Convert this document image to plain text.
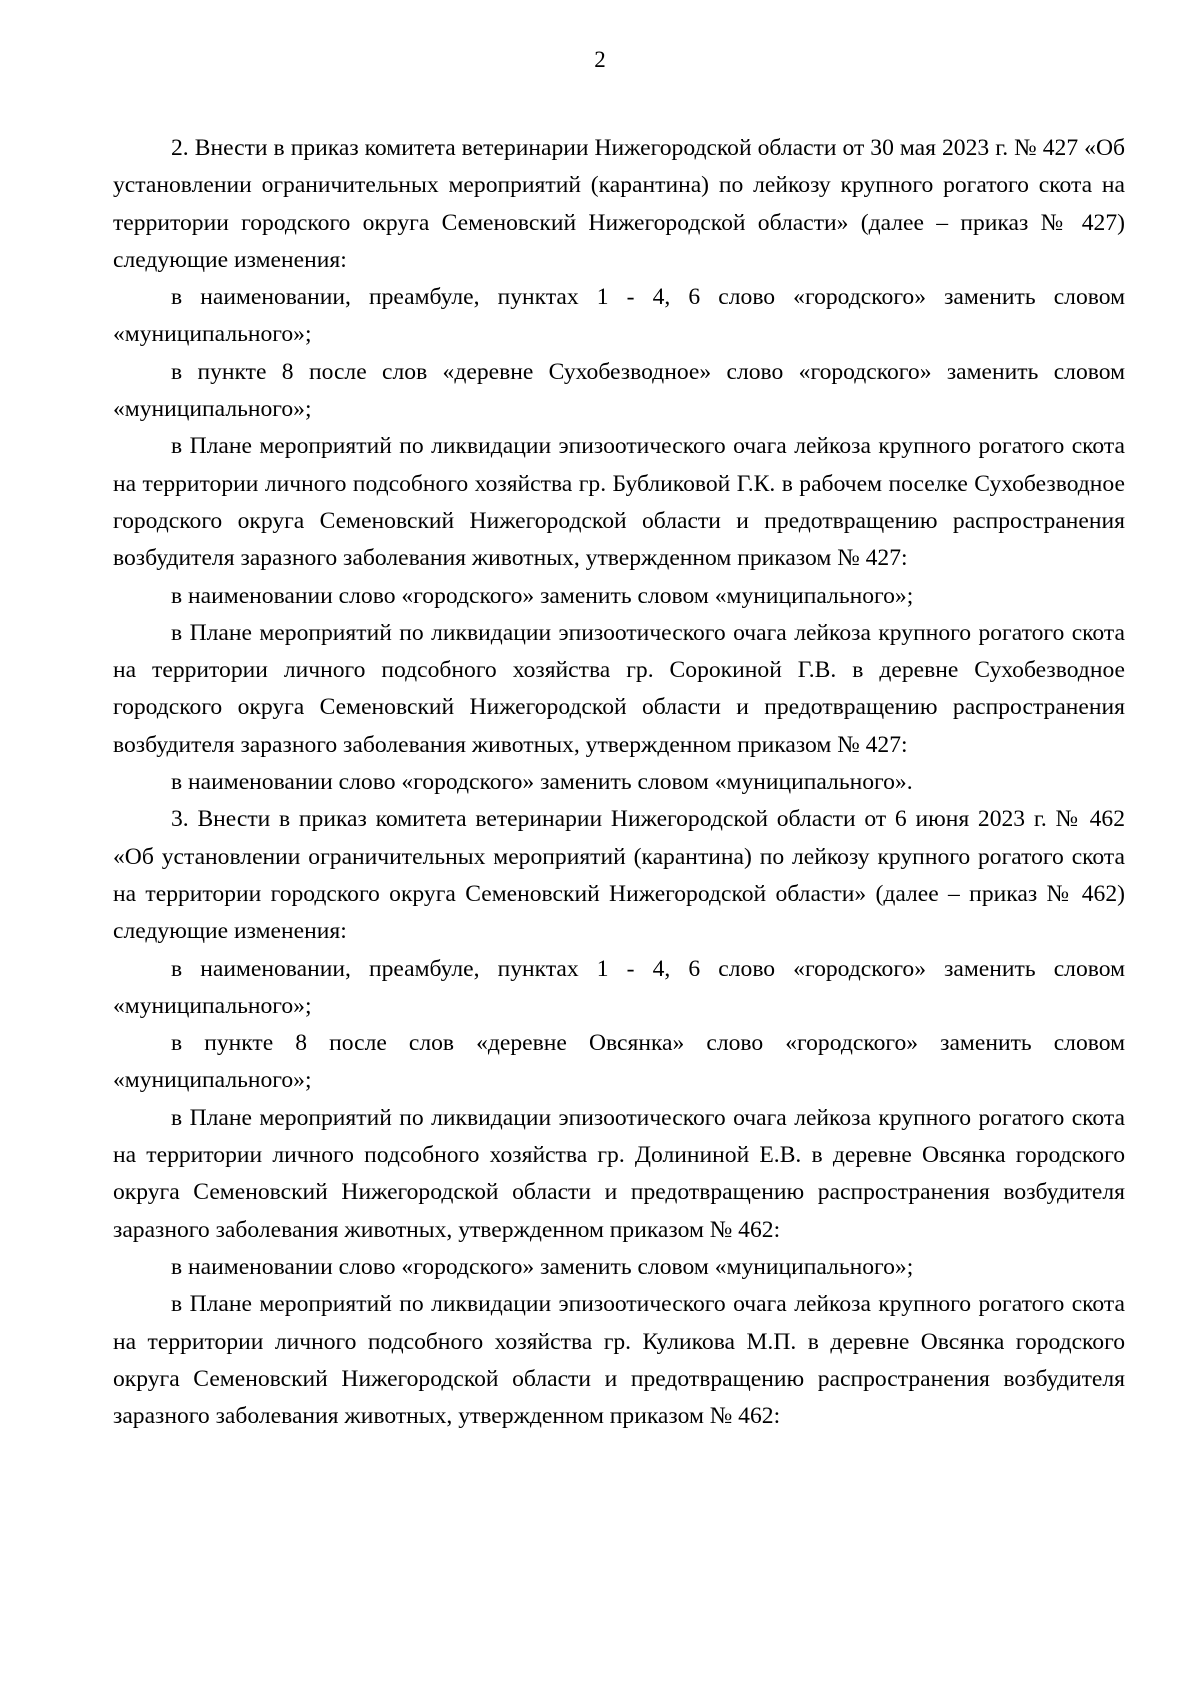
2

2. Внести в приказ комитета ветеринарии Нижегородской области от 30 мая 2023 г. № 427 «Об установлении ограничительных мероприятий (карантина) по лейкозу крупного рогатого скота на территории городского округа Семеновский Нижегородской области» (далее – приказ № 427) следующие изменения:

в наименовании, преамбуле, пунктах 1 - 4, 6 слово «городского» заменить словом «муниципального»;

в пункте 8 после слов «деревне Сухобезводное» слово «городского» заменить словом «муниципального»;

в Плане мероприятий по ликвидации эпизоотического очага лейкоза крупного рогатого скота на территории личного подсобного хозяйства гр. Бубликовой Г.К. в рабочем поселке Сухобезводное городского округа Семеновский Нижегородской области и предотвращению распространения возбудителя заразного заболевания животных, утвержденном приказом № 427:

в наименовании слово «городского» заменить словом «муниципального»;

в Плане мероприятий по ликвидации эпизоотического очага лейкоза крупного рогатого скота на территории личного подсобного хозяйства гр. Сорокиной Г.В. в деревне Сухобезводное городского округа Семеновский Нижегородской области и предотвращению распространения возбудителя заразного заболевания животных, утвержденном приказом № 427:

в наименовании слово «городского» заменить словом «муниципального».

3. Внести в приказ комитета ветеринарии Нижегородской области от 6 июня 2023 г. № 462 «Об установлении ограничительных мероприятий (карантина) по лейкозу крупного рогатого скота на территории городского округа Семеновский Нижегородской области» (далее – приказ № 462) следующие изменения:

в наименовании, преамбуле, пунктах 1 - 4, 6 слово «городского» заменить словом «муниципального»;

в пункте 8 после слов «деревне Овсянка» слово «городского» заменить словом «муниципального»;

в Плане мероприятий по ликвидации эпизоотического очага лейкоза крупного рогатого скота на территории личного подсобного хозяйства гр. Долининой Е.В. в деревне Овсянка городского округа Семеновский Нижегородской области и предотвращению распространения возбудителя заразного заболевания животных, утвержденном приказом № 462:

в наименовании слово «городского» заменить словом «муниципального»;

в Плане мероприятий по ликвидации эпизоотического очага лейкоза крупного рогатого скота на территории личного подсобного хозяйства гр. Куликова М.П. в деревне Овсянка городского округа Семеновский Нижегородской области и предотвращению распространения возбудителя заразного заболевания животных, утвержденном приказом № 462:
